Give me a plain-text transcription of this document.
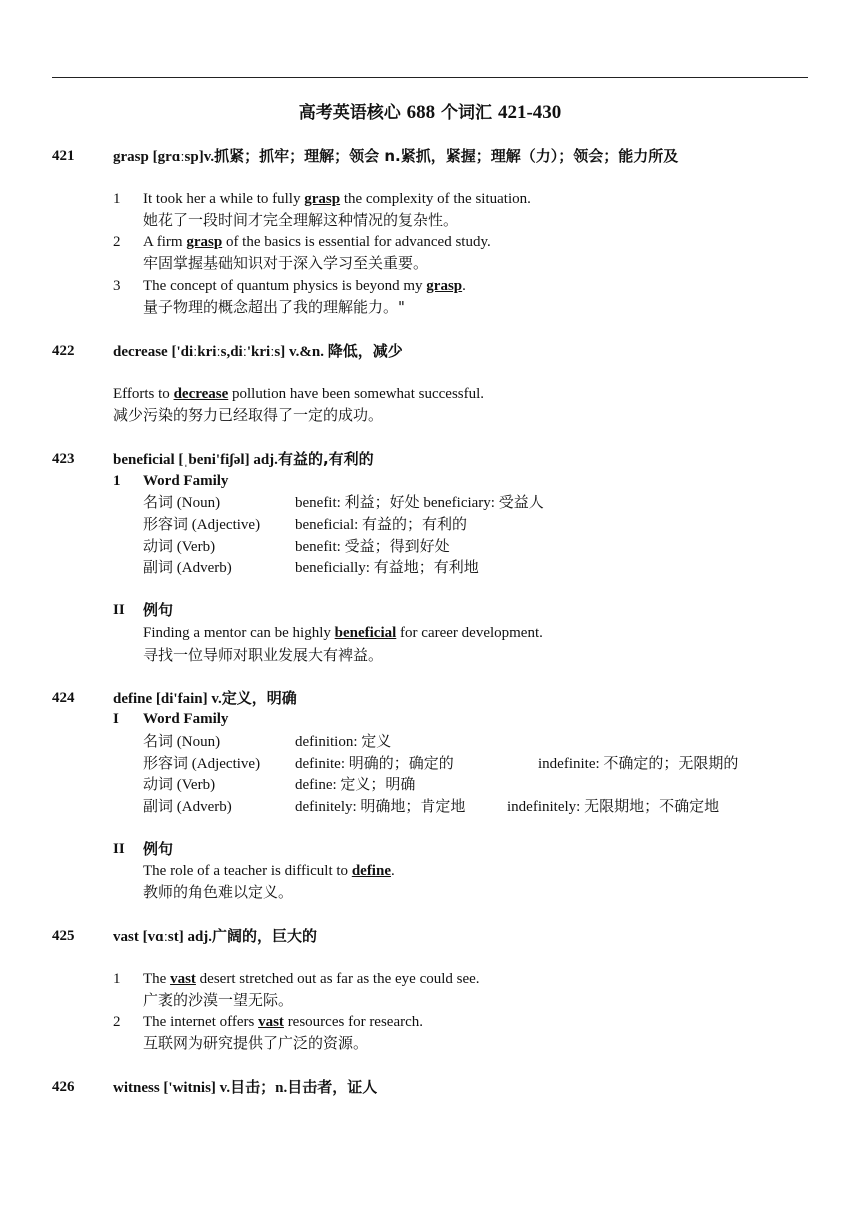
高考英语核心 688 个词汇 421-430
421	grasp [grɑːsp]v.抓紧；抓牢；理解；领会 n.紧抓，紧握；理解（力）；领会；能力所及
1 It took her a while to fully grasp the complexity of the situation.
她花了一段时间才完全理解这种情况的复杂性。
2 A firm grasp of the basics is essential for advanced study.
牢固掌握基础知识对于深入学习至关重要。
3 The concept of quantum physics is beyond my grasp.
量子物理的概念超出了我的理解能力。"
422	decrease ['diːkriːs,diː'kriːs] v.&n. 降低，减少
Efforts to decrease pollution have been somewhat successful.
减少污染的努力已经取得了一定的成功。
423	beneficial [ˌbeni'fiʃəl] adj.有益的,有利的
1 Word Family
名词 (Noun)	benefit: 利益；好处 beneficiary: 受益人
形容词 (Adjective) beneficial: 有益的；有利的
动词 (Verb)	benefit: 受益；得到好处
副词 (Adverb)	beneficially: 有益地；有利地
II 例句
Finding a mentor can be highly beneficial for career development.
寻找一位导师对职业发展大有裨益。
424	define [di'fain] v.定义，明确
I Word Family
名词 (Noun)	definition: 定义
形容词 (Adjective) definite: 明确的；确定的	indefinite: 不确定的；无限期的
动词 (Verb)	define: 定义；明确
副词 (Adverb)	definitely: 明确地；肯定地	indefinitely: 无限期地；不确定地
II 例句
The role of a teacher is difficult to define.
教师的角色难以定义。
425	vast [vɑːst] adj.广阔的，巨大的
1 The vast desert stretched out as far as the eye could see.
广袤的沙漠一望无际。
2 The internet offers vast resources for research.
互联网为研究提供了广泛的资源。
426	witness ['witnis] v.目击；n.目击者，证人
